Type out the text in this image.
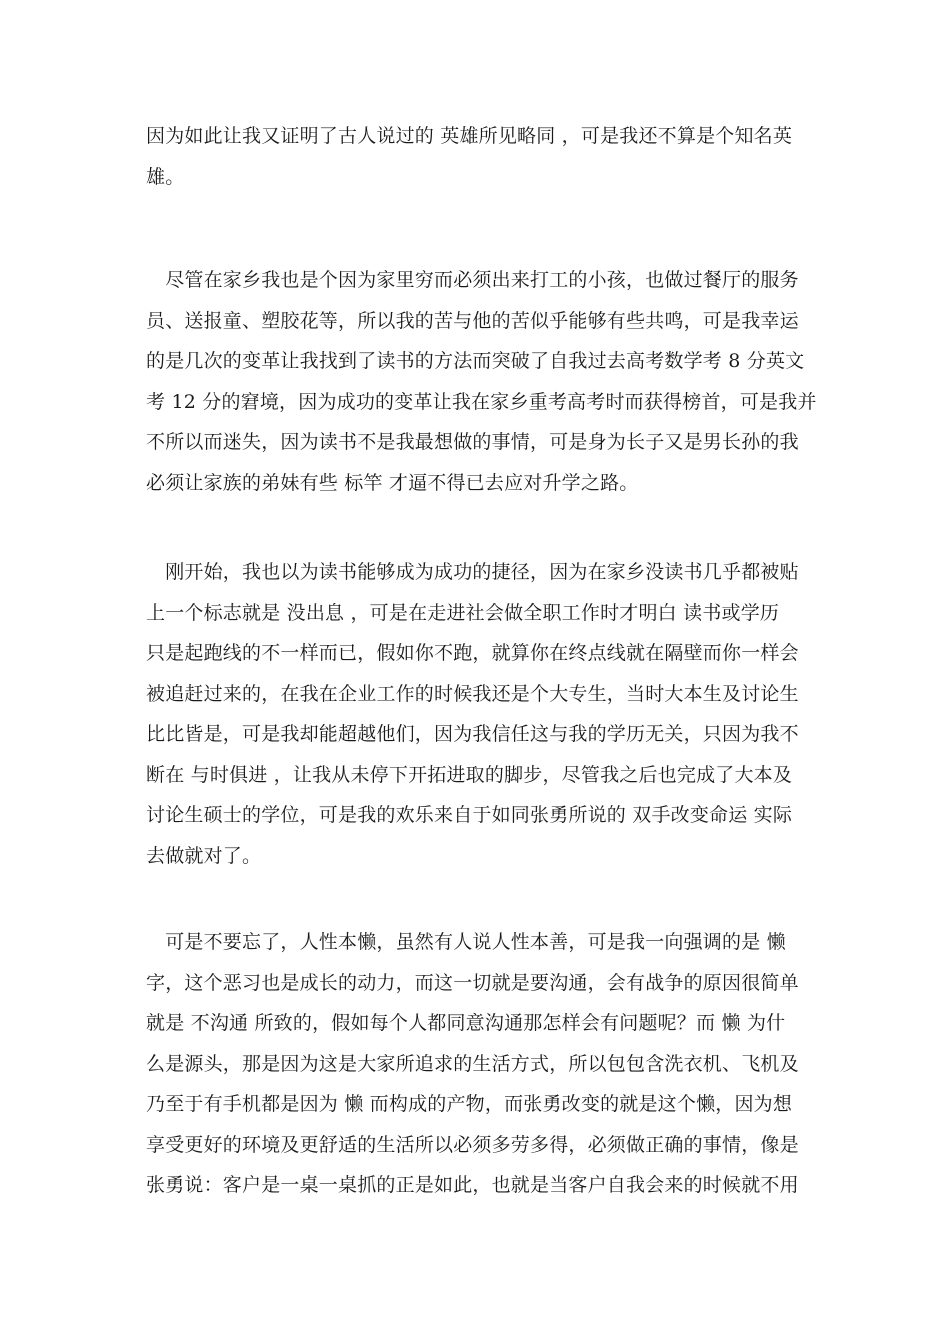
因为如此让我又证明了古人说过的 英雄所见略同 ，可是我还不算是个知名英
雄。

　尽管在家乡我也是个因为家里穷而必须出来打工的小孩，也做过餐厅的服务
员、送报童、塑胶花等，所以我的苦与他的苦似乎能够有些共鸣，可是我幸运
的是几次的变革让我找到了读书的方法而突破了自我过去高考数学考 8 分英文
考 12 分的窘境，因为成功的变革让我在家乡重考高考时而获得榜首，可是我并
不所以而迷失，因为读书不是我最想做的事情，可是身为长子又是男长孙的我
必须让家族的弟妹有些 标竿 才逼不得已去应对升学之路。

　刚开始，我也以为读书能够成为成功的捷径，因为在家乡没读书几乎都被贴
上一个标志就是 没出息 ，可是在走进社会做全职工作时才明白 读书或学历
只是起跑线的不一样而已，假如你不跑，就算你在终点线就在隔壁而你一样会
被追赶过来的，在我在企业工作的时候我还是个大专生，当时大本生及讨论生
比比皆是，可是我却能超越他们，因为我信任这与我的学历无关，只因为我不
断在 与时俱进 ，让我从未停下开拓进取的脚步，尽管我之后也完成了大本及
讨论生硕士的学位，可是我的欢乐来自于如同张勇所说的 双手改变命运 实际
去做就对了。

　可是不要忘了，人性本懒，虽然有人说人性本善，可是我一向强调的是 懒
字，这个恶习也是成长的动力，而这一切就是要沟通，会有战争的原因很简单
就是 不沟通 所致的，假如每个人都同意沟通那怎样会有问题呢？而 懒 为什
么是源头，那是因为这是大家所追求的生活方式，所以包包含洗衣机、飞机及
乃至于有手机都是因为 懒 而构成的产物，而张勇改变的就是这个懒，因为想
享受更好的环境及更舒适的生活所以必须多劳多得，必须做正确的事情，像是
张勇说：客户是一桌一桌抓的正是如此，也就是当客户自我会来的时候就不用
